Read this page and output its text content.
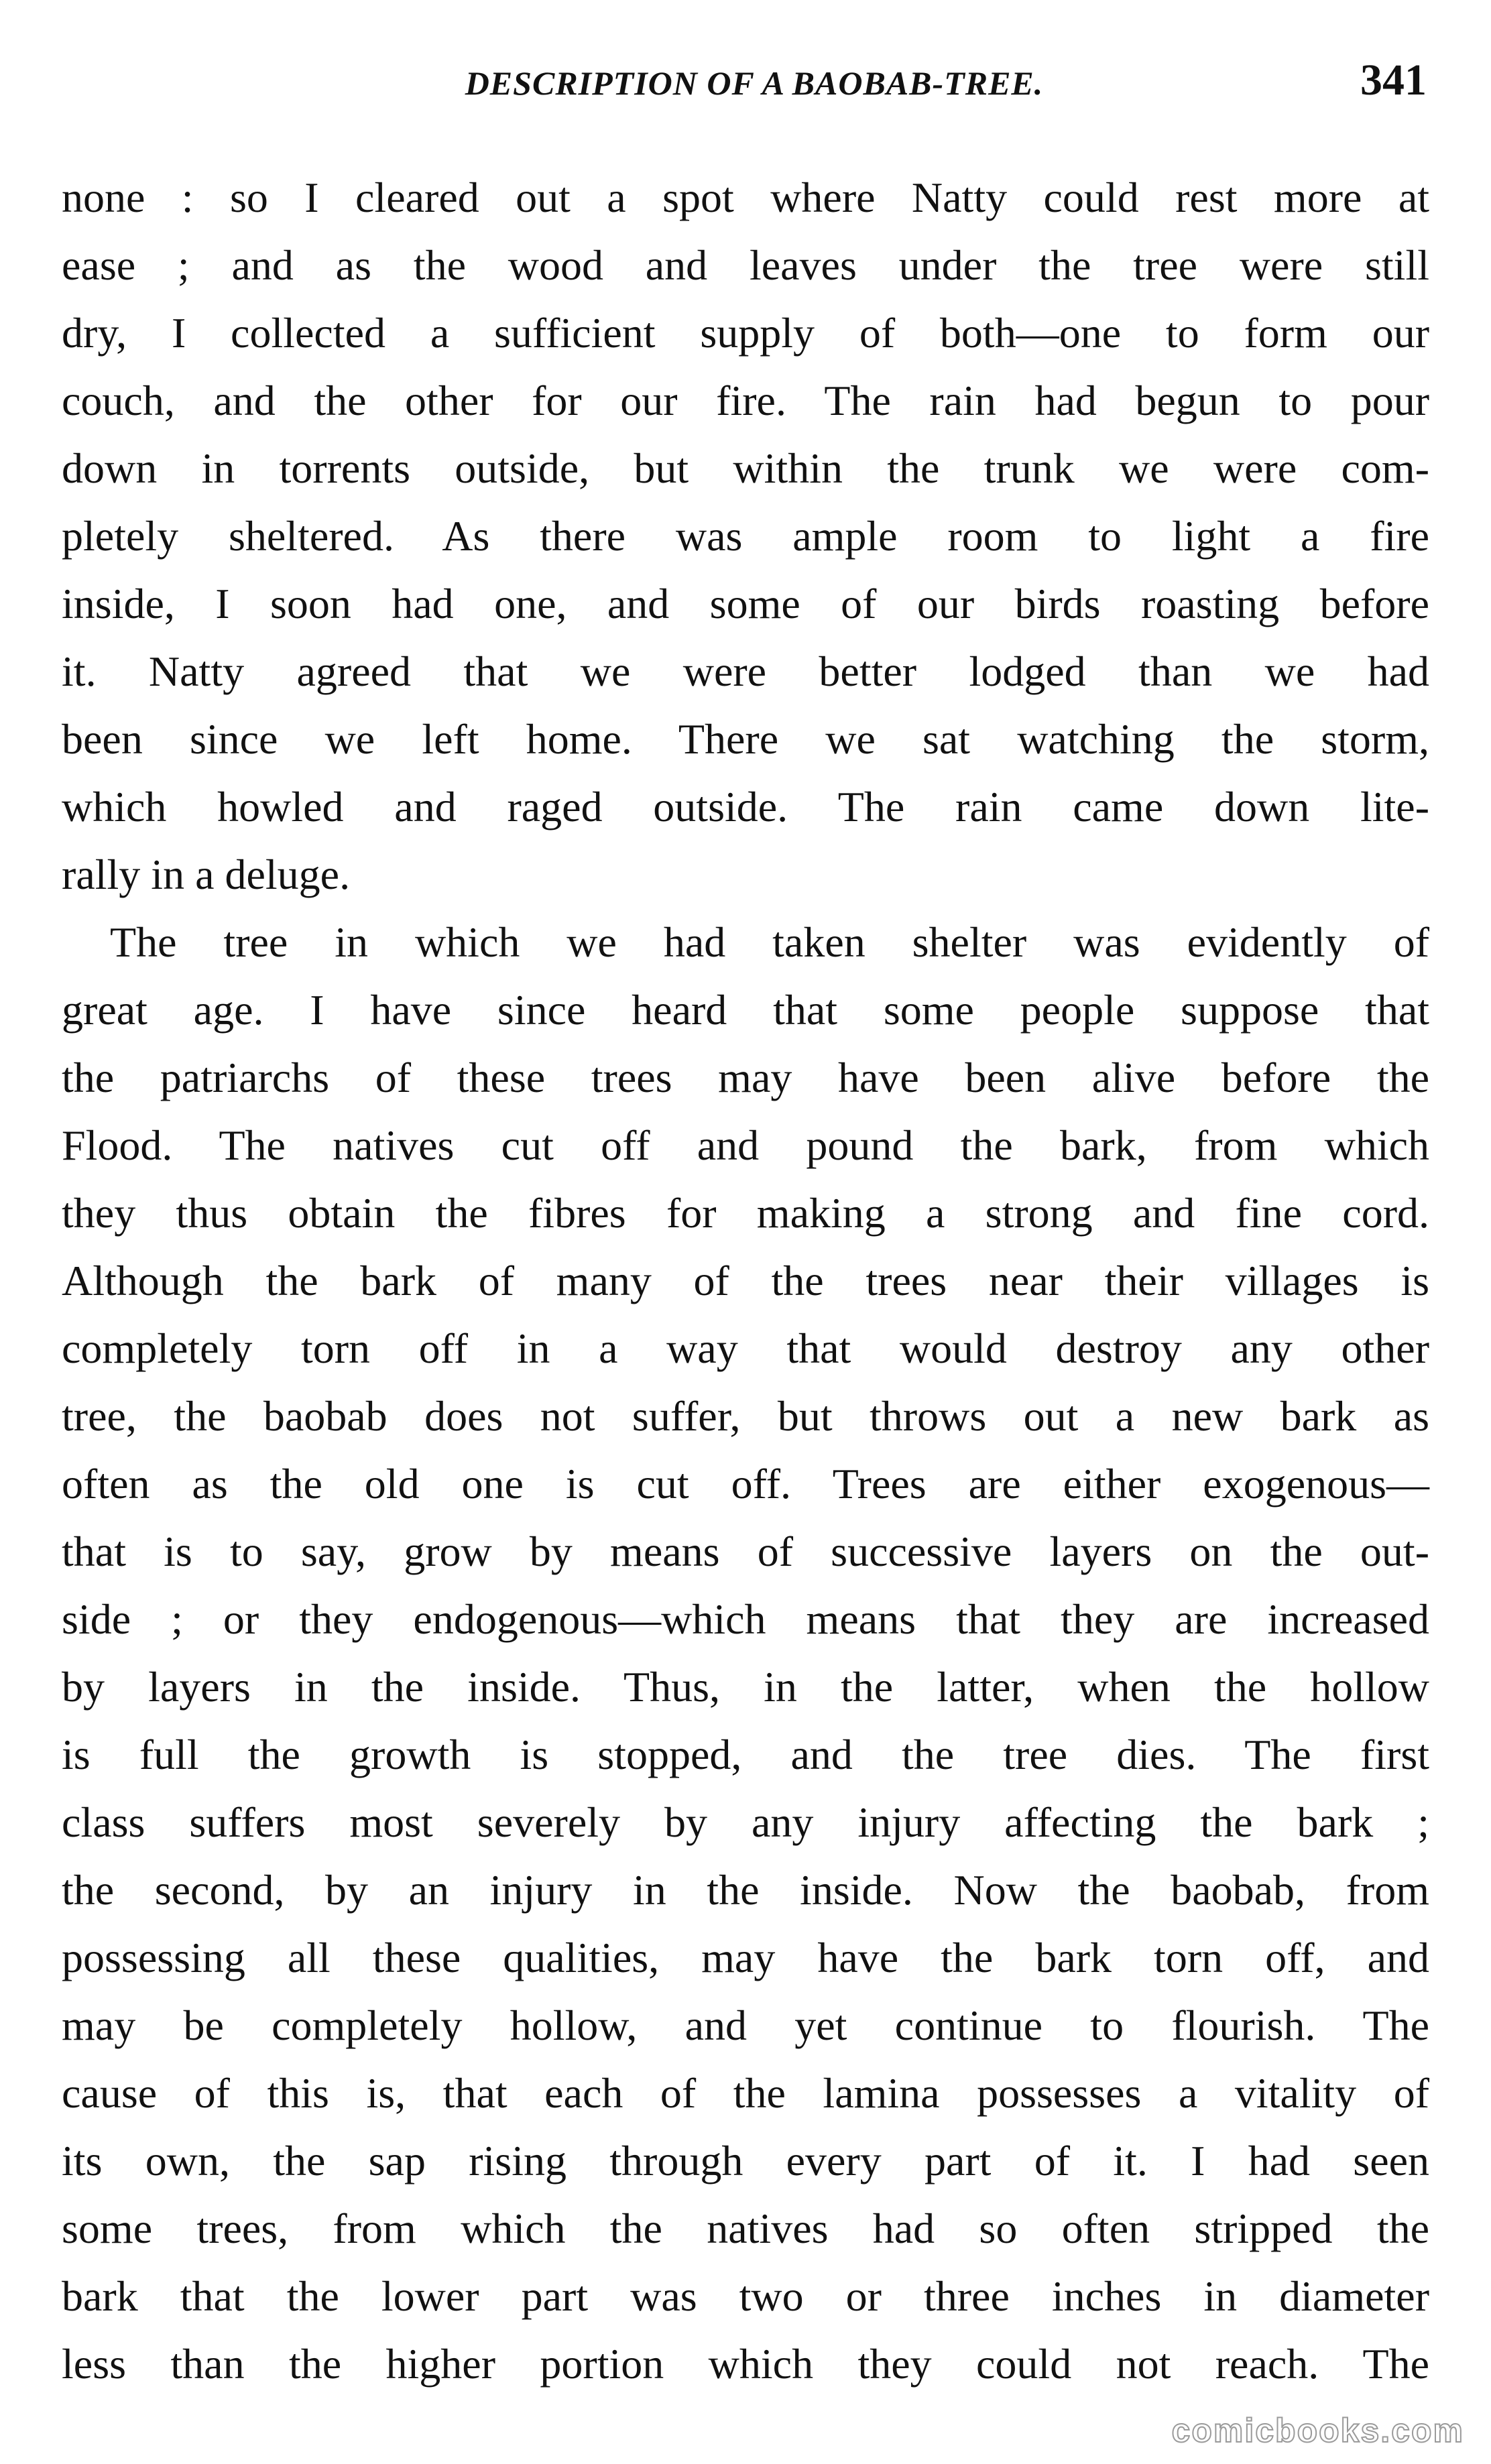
DESCRIPTION OF A BAOBAB-TREE.	341
none : so I cleared out a spot where Natty could rest more at
ease ; and as the wood and leaves under the tree were still
dry, I collected a sufficient supply of both—one to form our
couch, and the other for our fire. The rain had begun to pour
down in torrents outside, but within the trunk we were com-
pletely sheltered. As there was ample room to light a fire
inside, I soon had one, and some of our birds roasting before
it. Natty agreed that we were better lodged than we had
been since we left home. There we sat watching the storm,
which howled and raged outside. The rain came down lite-
rally in a deluge.
The tree in which we had taken shelter was evidently of
great age. I have since heard that some people suppose that
the patriarchs of these trees may have been alive before the
Flood. The natives cut off and pound the bark, from which
they thus obtain the fibres for making a strong and fine cord.
Although the bark of many of the trees near their villages is
completely torn off in a way that would destroy any other
tree, the baobab does not suffer, but throws out a new bark as
often as the old one is cut off. Trees are either exogenous—
that is to say, grow by means of successive layers on the out-
side ; or they endogenous—which means that they are increased
by layers in the inside. Thus, in the latter, when the hollow
is full the growth is stopped, and the tree dies. The first
class suffers most severely by any injury affecting the bark ;
the second, by an injury in the inside. Now the baobab, from
possessing all these qualities, may have the bark torn off, and
may be completely hollow, and yet continue to flourish. The
cause of this is, that each of the lamina possesses a vitality of
its own, the sap rising through every part of it. I had seen
some trees, from which the natives had so often stripped the
bark that the lower part was two or three inches in diameter
less than the higher portion which they could not reach. The
comicbooks.com
